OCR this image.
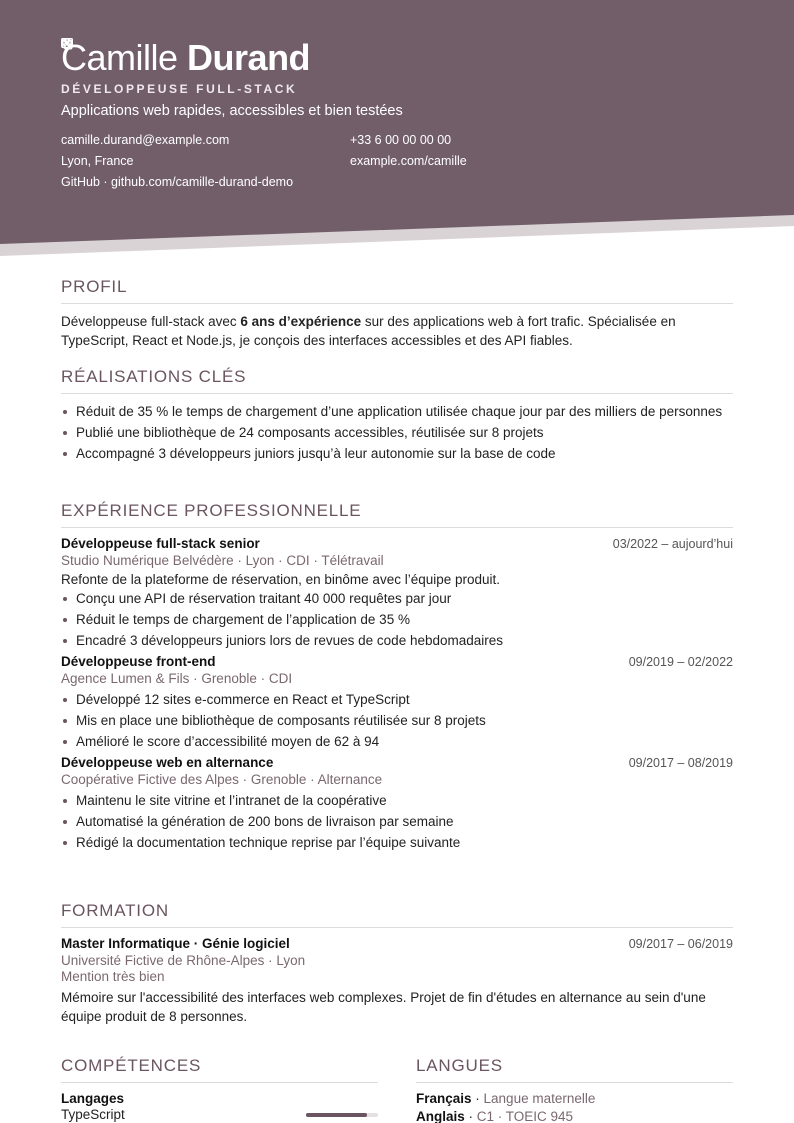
Camille Durand
DÉVELOPPEUSE FULL-STACK
Applications web rapides, accessibles et bien testées
camille.durand@example.com	+33 6 00 00 00 00
Lyon, France	example.com/camille
GitHub · github.com/camille-durand-demo
PROFIL
Développeuse full-stack avec 6 ans d’expérience sur des applications web à fort trafic. Spécialisée en TypeScript, React et Node.js, je conçois des interfaces accessibles et des API fiables.
RÉALISATIONS CLÉS
Réduit de 35 % le temps de chargement d’une application utilisée chaque jour par des milliers de personnes
Publié une bibliothèque de 24 composants accessibles, réutilisée sur 8 projets
Accompagné 3 développeurs juniors jusqu’à leur autonomie sur la base de code
EXPÉRIENCE PROFESSIONNELLE
Développeuse full-stack senior	03/2022 – aujourd’hui
Studio Numérique Belvédère · Lyon · CDI · Télétravail
Refonte de la plateforme de réservation, en binôme avec l’équipe produit.
Conçu une API de réservation traitant 40 000 requêtes par jour
Réduit le temps de chargement de l’application de 35 %
Encadré 3 développeurs juniors lors de revues de code hebdomadaires
Développeuse front-end	09/2019 – 02/2022
Agence Lumen & Fils · Grenoble · CDI
Développé 12 sites e-commerce en React et TypeScript
Mis en place une bibliothèque de composants réutilisée sur 8 projets
Amélioré le score d’accessibilité moyen de 62 à 94
Développeuse web en alternance	09/2017 – 08/2019
Coopérative Fictive des Alpes · Grenoble · Alternance
Maintenu le site vitrine et l’intranet de la coopérative
Automatisé la génération de 200 bons de livraison par semaine
Rédigé la documentation technique reprise par l’équipe suivante
FORMATION
Master Informatique · Génie logiciel	09/2017 – 06/2019
Université Fictive de Rhône-Alpes · Lyon
Mention très bien
Mémoire sur l'accessibilité des interfaces web complexes. Projet de fin d'études en alternance au sein d'une équipe produit de 8 personnes.
COMPÉTENCES
Langages
TypeScript
LANGUES
Français · Langue maternelle
Anglais · C1 · TOEIC 945
